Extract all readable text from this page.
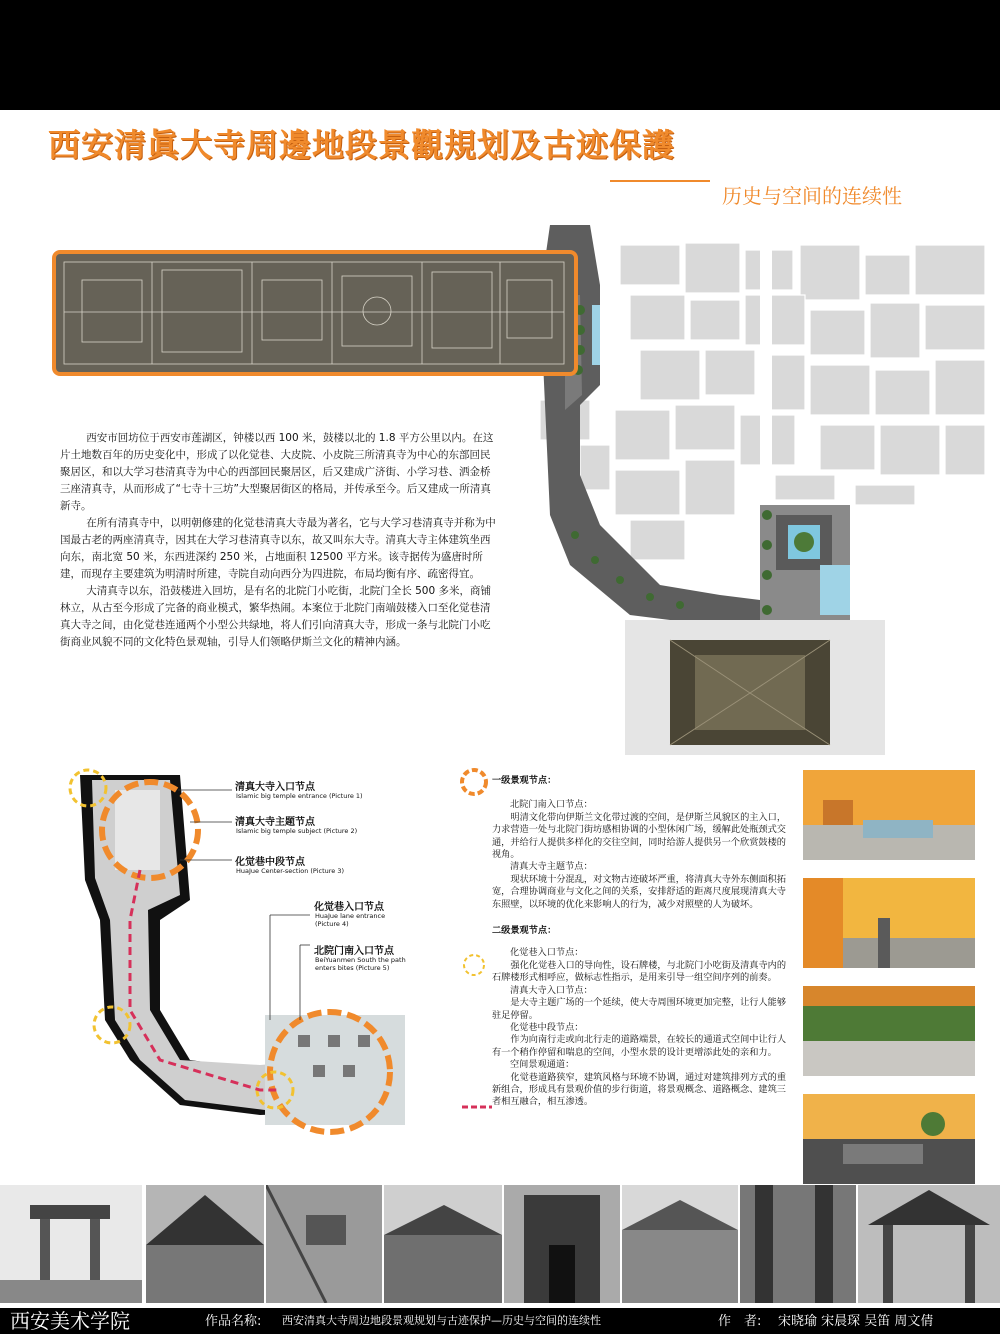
第二届全国高校景观设计毕业作品展
The 2rd Chinese University Landscape Architecture Graduate Design Exhibition
西安清眞大寺周邊地段景觀規划及古迹保護
历史与空间的连续性

西安市回坊位于西安市莲湖区，钟楼以西 100 米，鼓楼以北的 1.8 平方公里以内。在这片土地数百年的历史变化中，形成了以化觉巷、大皮院、小皮院三所清真寺为中心的东部回民聚居区，和以大学习巷清真寺为中心的西部回民聚居区，后又建成广济街、小学习巷、洒金桥三座清真寺，从而形成了“七寺十三坊”大型聚居街区的格局，并传承至今。后又建成一所清真新寺。

在所有清真寺中，以明朝修建的化觉巷清真大寺最为著名，它与大学习巷清真寺并称为中国最古老的两座清真寺，因其在大学习巷清真寺以东，故又叫东大寺。清真大寺主体建筑坐西向东，南北宽 50 米，东西进深约 250 米，占地面积 12500 平方米。该寺据传为盛唐时所建，而现存主要建筑为明清时所建，寺院自动向西分为四进院，布局均衡有序、疏密得宜。

大清真寺以东，沿鼓楼进入回坊，是有名的北院门小吃街，北院门全长 500 多米，商铺林立，从古至今形成了完备的商业模式，繁华热闹。本案位于北院门南端鼓楼入口至化觉巷清真大寺之间，由化觉巷连通两个小型公共绿地，将人们引向清真大寺，形成一条与北院门小吃街商业风貌不同的文化特色景观轴，引导人们领略伊斯兰文化的精神内涵。

清真大寺入口节点
Islamic big temple entrance (Picture 1)
清真大寺主题节点
Islamic big temple subject (Picture 2)
化觉巷中段节点
HuaJue Center-section (Picture 3)
化觉巷入口节点
HuaJue lane entrance (Picture 4)
北院门南入口节点
BeiYuanmen South the path enters bites (Picture 5)
一级景观节点：
北院门南入口节点：
明清文化带向伊斯兰文化带过渡的空间，是伊斯兰风貌区的主入口，力求营造一处与北院门街坊感相协调的小型休闲广场，缓解此处瓶颈式交通，并给行人提供多样化的交往空间，同时给游人提供另一个欣赏鼓楼的视角。
清真大寺主题节点：
现状环境十分混乱，对文物古迹破坏严重，将清真大寺外东侧面积拓宽，合理协调商业与文化之间的关系，安排舒适的距离尺度展现清真大寺东照壁，以环境的优化来影响人的行为，减少对照壁的人为破坏。
二级景观节点：
化觉巷入口节点：
强化化觉巷入口的导向性，设石牌楼，与北院门小吃街及清真寺内的石牌楼形式相呼应，做标志性指示，是用来引导一组空间序列的前奏。
清真大寺入口节点：
是大寺主题广场的一个延续，使大寺周围环境更加完整，让行人能够驻足停留。
化觉巷中段节点：
作为向南行走或向北行走的道路端景，在较长的通道式空间中让行人有一个稍作停留和喘息的空间，小型水景的设计更增添此处的亲和力。
空间景观通道：
化觉巷道路狭窄，建筑风格与环境不协调，通过对建筑排列方式的重新组合，形成具有景观价值的步行街道，将景观概念、道路概念、建筑三者相互融合，相互渗透。
西安美术学院	作品名称: 西安清真大寺周边地段景观规划与古迹保护—历史与空间的连续性	作　者: 宋晓瑜 宋晨琛 吴笛 周文倩
